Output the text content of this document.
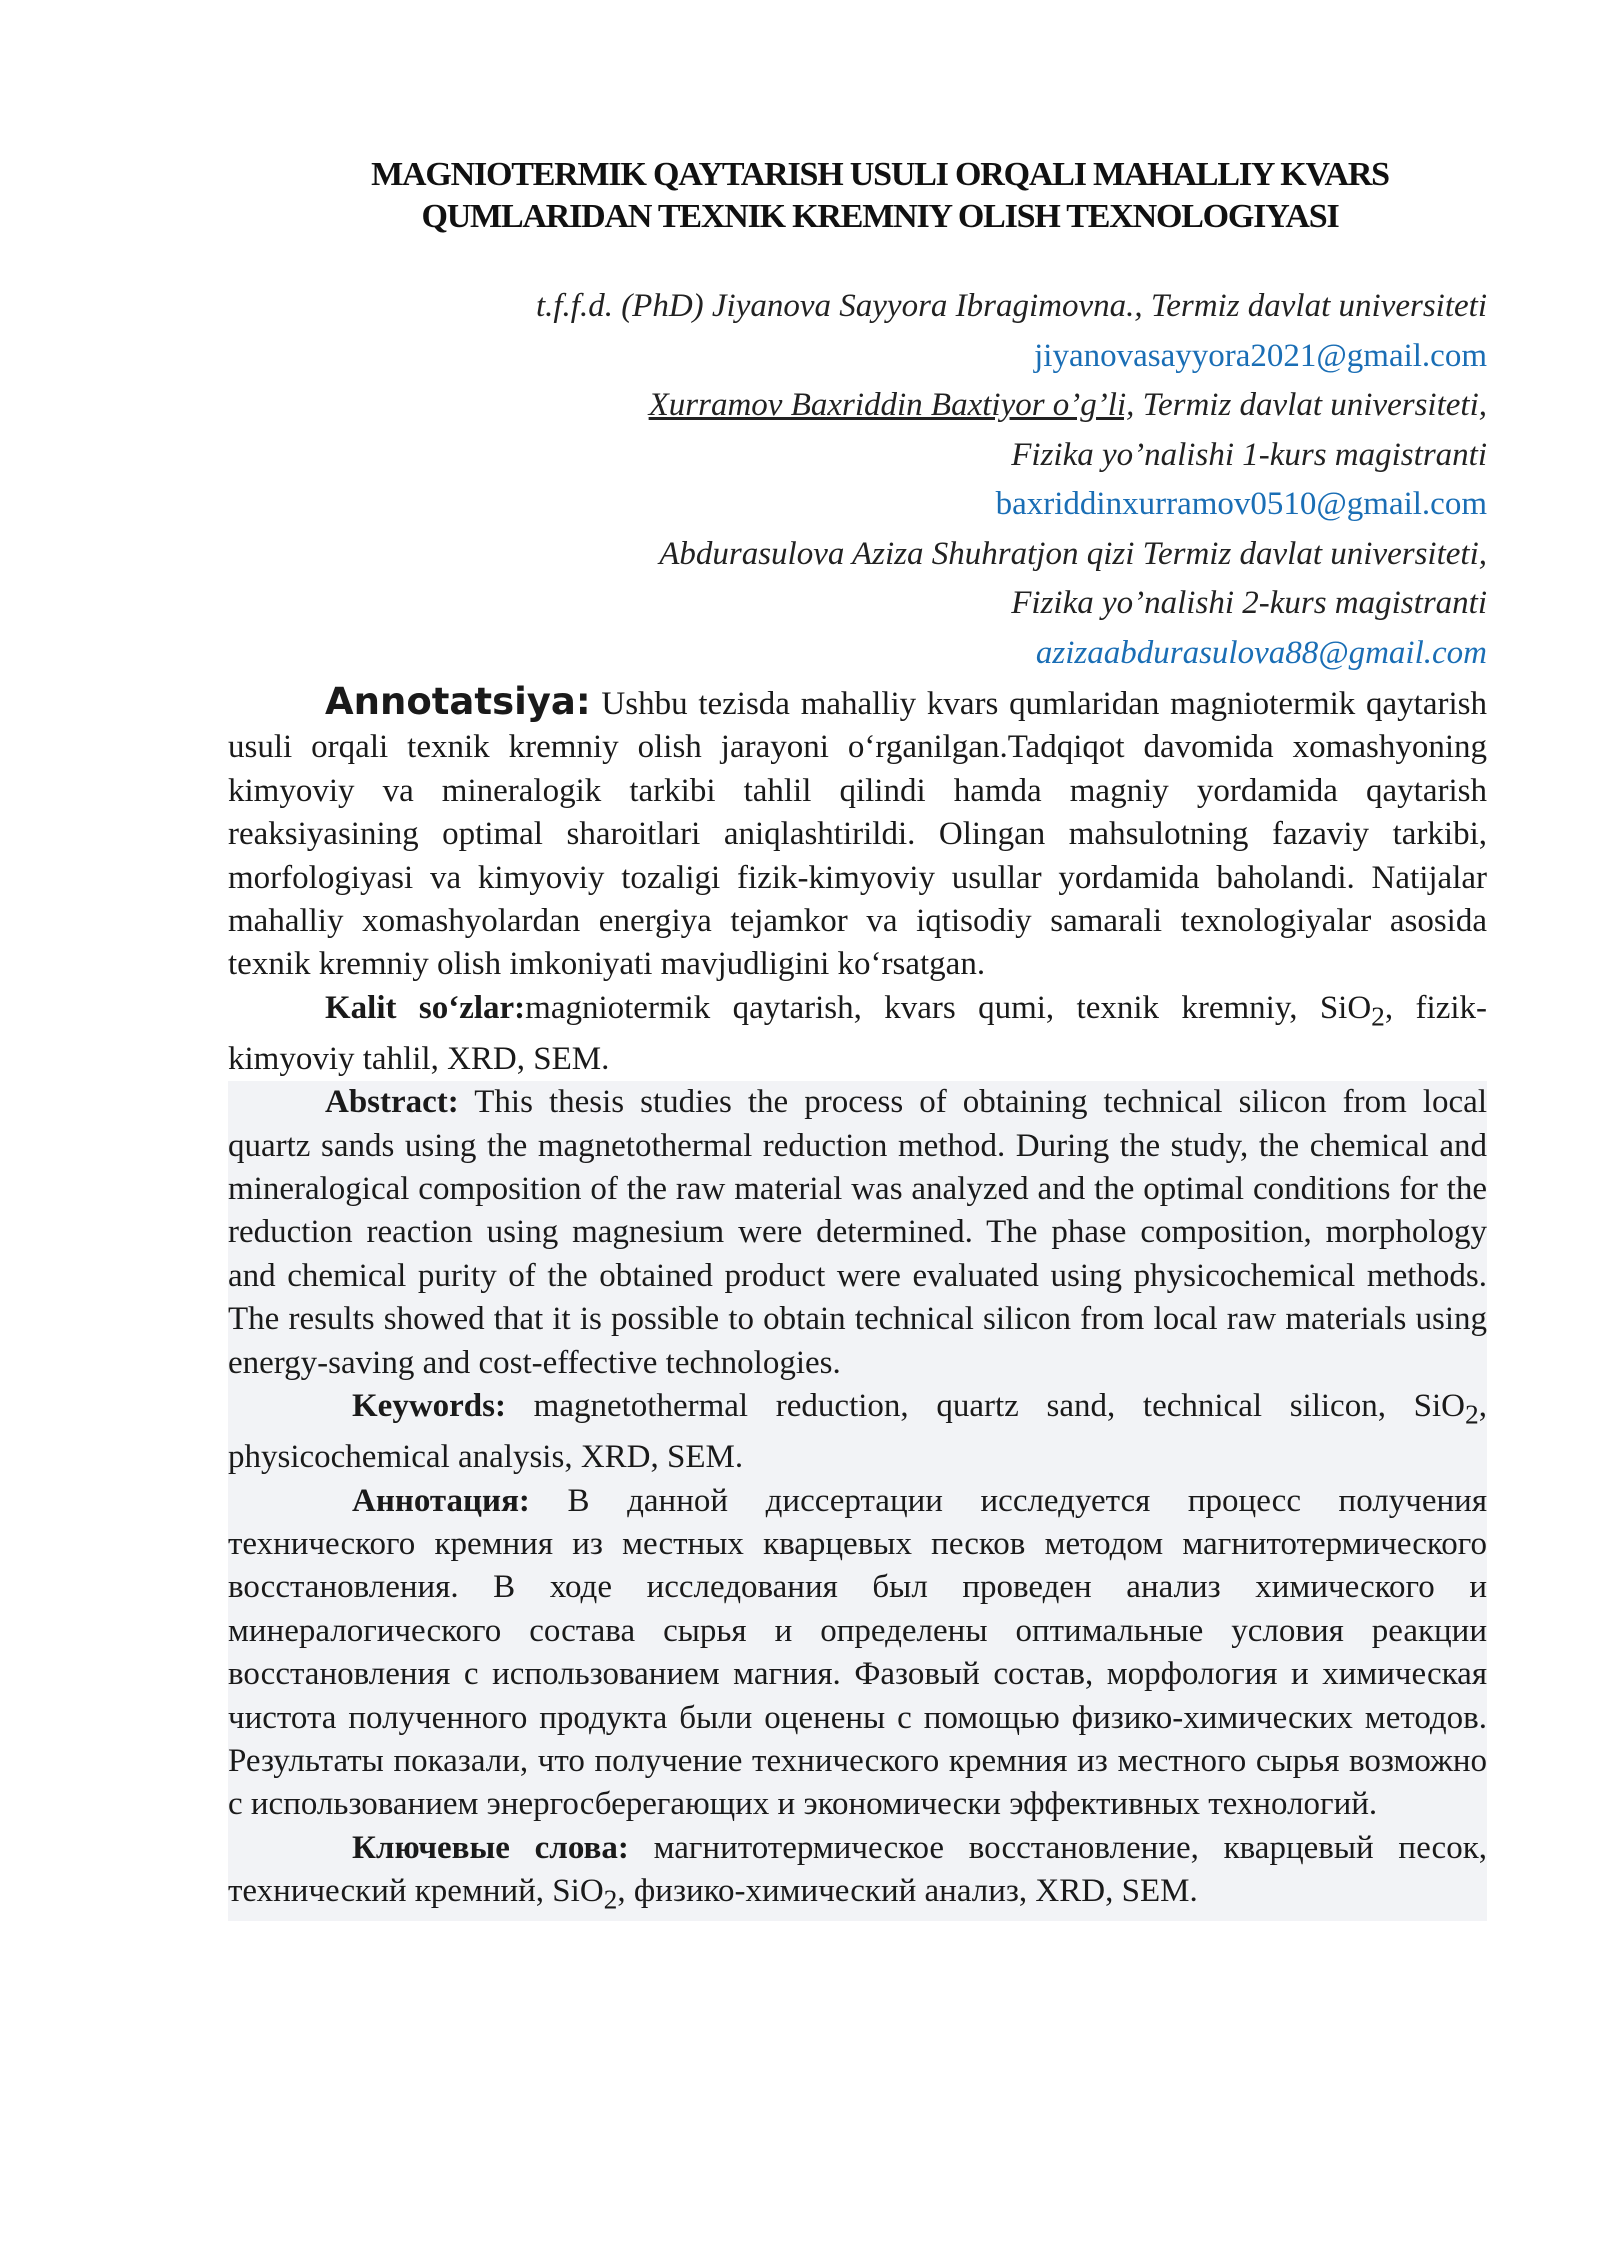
MAGNIOTERMIK QAYTARISH USULI ORQALI MAHALLIY KVARS
QUMLARIDAN TEXNIK KREMNIY OLISH TEXNOLOGIYASI
t.f.f.d. (PhD) Jiyanova Sayyora Ibragimovna., Termiz davlat universiteti
jiyanovasayyora2021@gmail.com
Xurramov Baxriddin Baxtiyor o’g’li, Termiz davlat universiteti,
Fizika yo’nalishi 1-kurs magistranti
baxriddinxurramov0510@gmail.com
Abdurasulova Aziza Shuhratjon qizi Termiz davlat universiteti,
Fizika yo’nalishi 2-kurs magistranti
azizaabdurasulova88@gmail.com

Annotatsiya: Ushbu tezisda mahalliy kvars qumlaridan magniotermik qaytarish usuli orqali texnik kremniy olish jarayoni o‘rganilgan.Tadqiqot davomida xomashyoning kimyoviy va mineralogik tarkibi tahlil qilindi hamda magniy yordamida qaytarish reaksiyasining optimal sharoitlari aniqlashtirildi. Olingan mahsulotning fazaviy tarkibi, morfologiyasi va kimyoviy tozaligi fizik-kimyoviy usullar yordamida baholandi. Natijalar mahalliy xomashyolardan energiya tejamkor va iqtisodiy samarali texnologiyalar asosida texnik kremniy olish imkoniyati mavjudligini ko‘rsatgan.

Kalit so‘zlar:magniotermik qaytarish, kvars qumi, texnik kremniy, SiO$_2$, fizik-kimyoviy tahlil, XRD, SEM.

Abstract: This thesis studies the process of obtaining technical silicon from local quartz sands using the magnetothermal reduction method. During the study, the chemical and mineralogical composition of the raw material was analyzed and the optimal conditions for the reduction reaction using magnesium were determined. The phase composition, morphology and chemical purity of the obtained product were evaluated using physicochemical methods. The results showed that it is possible to obtain technical silicon from local raw materials using energy-saving and cost-effective technologies.

Keywords: magnetothermal reduction, quartz sand, technical silicon, SiO$_2$, physicochemical analysis, XRD, SEM.

Аннотация: В данной диссертации исследуется процесс получения технического кремния из местных кварцевых песков методом магнитотермического восстановления. В ходе исследования был проведен анализ химического и минералогического состава сырья и определены оптимальные условия реакции восстановления с использованием магния. Фазовый состав, морфология и химическая чистота полученного продукта были оценены с помощью физико-химических методов. Результаты показали, что получение технического кремния из местного сырья возможно с использованием энергосберегающих и экономически эффективных технологий.

Ключевые слова: магнитотермическое восстановление, кварцевый песок, технический кремний, SiO$_2$, физико-химический анализ, XRD, SEM.
